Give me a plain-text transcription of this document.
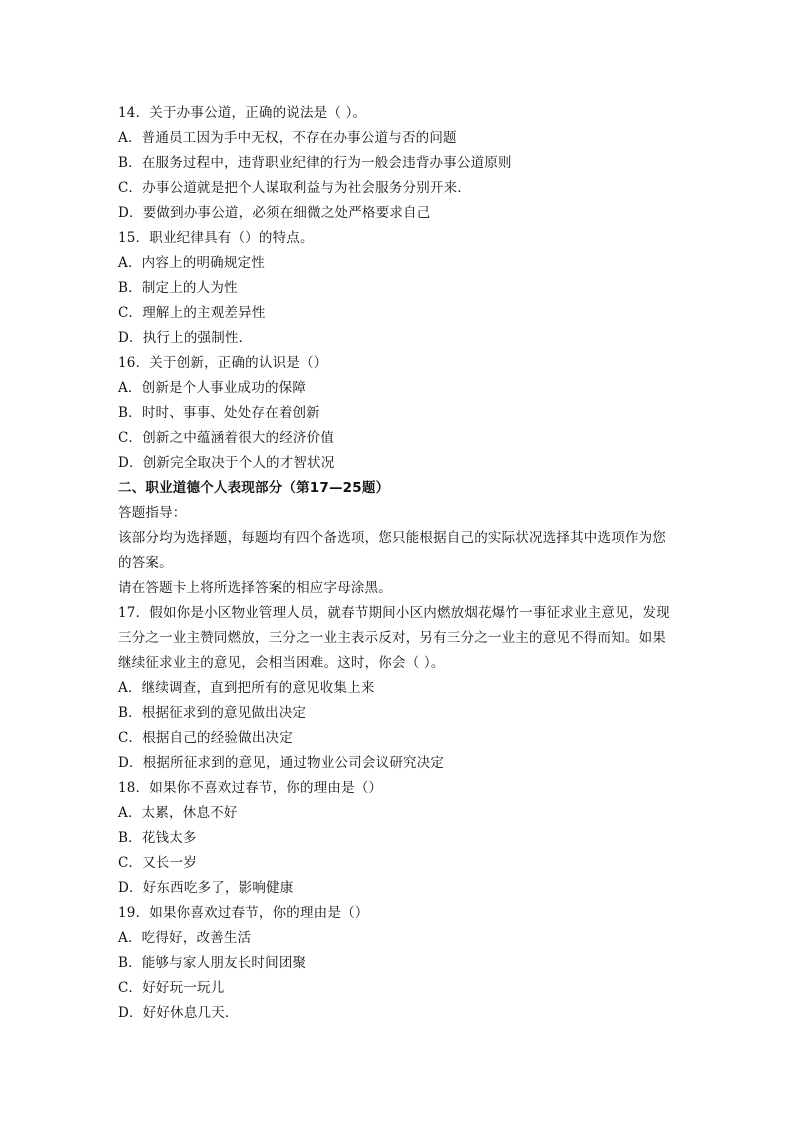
14．关于办事公道，正确的说法是（ ）。
A．普通员工因为手中无权，不存在办事公道与否的问题
B．在服务过程中，违背职业纪律的行为一般会违背办事公道原则
C．办事公道就是把个人谋取利益与为社会服务分别开来．
D．要做到办事公道，必须在细微之处严格要求自己
15．职业纪律具有（）的特点。
A．内容上的明确规定性
B．制定上的人为性
C．理解上的主观差异性
D．执行上的强制性．
16．关于创新，正确的认识是（）
A．创新是个人事业成功的保障
B．时时、事事、处处存在着创新
C．创新之中蕴涵着很大的经济价值
D．创新完全取决于个人的才智状况
二、职业道德个人表现部分（第17—25题）
答题指导：
该部分均为选择题，每题均有四个备选项，您只能根据自己的实际状况选择其中选项作为您的答案。
请在答题卡上将所选择答案的相应字母涂黑。
17．假如你是小区物业管理人员，就春节期间小区内燃放烟花爆竹一事征求业主意见，发现
三分之一业主赞同燃放，三分之一业主表示反对，另有三分之一业主的意见不得而知。如果
继续征求业主的意见，会相当困难。这时，你会（ ）。
A．继续调查，直到把所有的意见收集上来
B．根据征求到的意见做出决定
C．根据自己的经验做出决定
D．根据所征求到的意见，通过物业公司会议研究决定
18．如果你不喜欢过春节，你的理由是（）
A．太累，休息不好
B．花钱太多
C．又长一岁
D．好东西吃多了，影响健康
19．如果你喜欢过春节，你的理由是（）
A．吃得好，改善生活
B．能够与家人朋友长时间团聚
C．好好玩一玩儿
D．好好休息几天．
